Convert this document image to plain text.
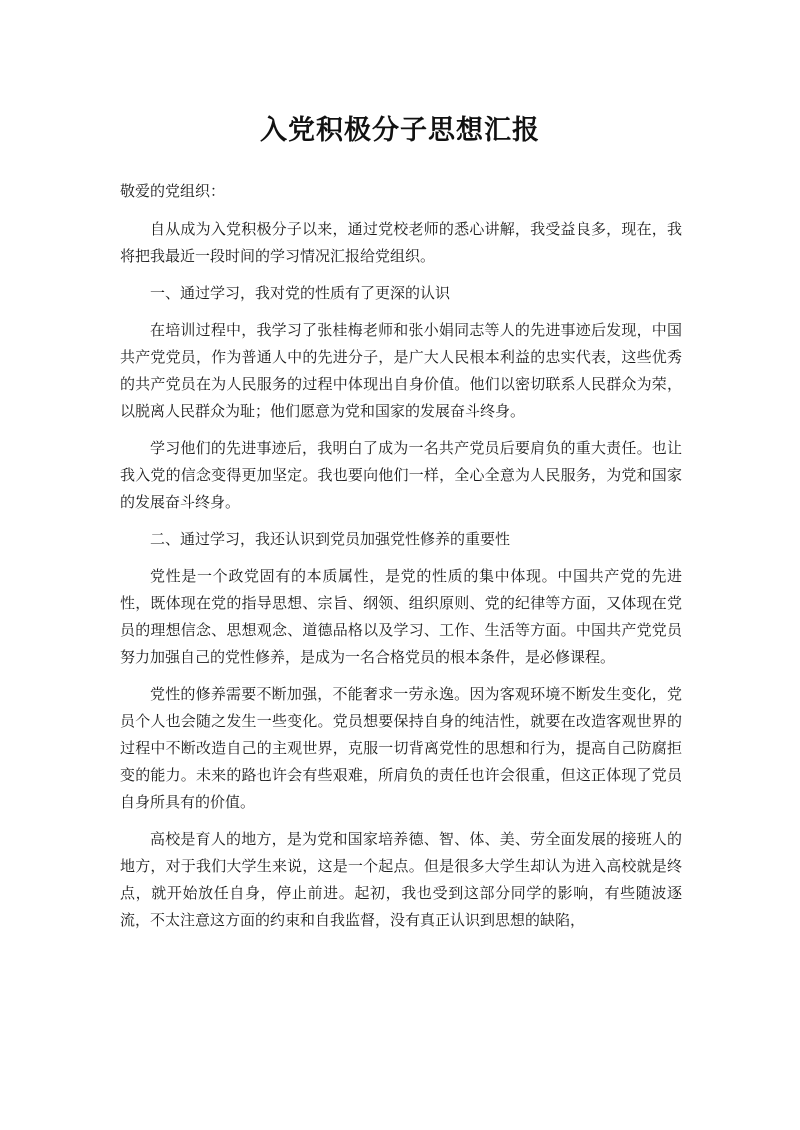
入党积极分子思想汇报

敬爱的党组织：

自从成为入党积极分子以来，通过党校老师的悉心讲解，我受益良多，现在，我将把我最近一段时间的学习情况汇报给党组织。

一、通过学习，我对党的性质有了更深的认识

在培训过程中，我学习了张桂梅老师和张小娟同志等人的先进事迹后发现，中国共产党党员，作为普通人中的先进分子，是广大人民根本利益的忠实代表，这些优秀的共产党员在为人民服务的过程中体现出自身价值。他们以密切联系人民群众为荣，以脱离人民群众为耻；他们愿意为党和国家的发展奋斗终身。

学习他们的先进事迹后，我明白了成为一名共产党员后要肩负的重大责任。也让我入党的信念变得更加坚定。我也要向他们一样，全心全意为人民服务，为党和国家的发展奋斗终身。

二、通过学习，我还认识到党员加强党性修养的重要性

党性是一个政党固有的本质属性，是党的性质的集中体现。中国共产党的先进性，既体现在党的指导思想、宗旨、纲领、组织原则、党的纪律等方面，又体现在党员的理想信念、思想观念、道德品格以及学习、工作、生活等方面。中国共产党党员努力加强自己的党性修养，是成为一名合格党员的根本条件，是必修课程。

党性的修养需要不断加强，不能奢求一劳永逸。因为客观环境不断发生变化，党员个人也会随之发生一些变化。党员想要保持自身的纯洁性，就要在改造客观世界的过程中不断改造自己的主观世界，克服一切背离党性的思想和行为，提高自己防腐拒变的能力。未来的路也许会有些艰难，所肩负的责任也许会很重，但这正体现了党员自身所具有的价值。

高校是育人的地方，是为党和国家培养德、智、体、美、劳全面发展的接班人的地方，对于我们大学生来说，这是一个起点。但是很多大学生却认为进入高校就是终点，就开始放任自身，停止前进。起初，我也受到这部分同学的影响，有些随波逐流，不太注意这方面的约束和自我监督，没有真正认识到思想的缺陷，
